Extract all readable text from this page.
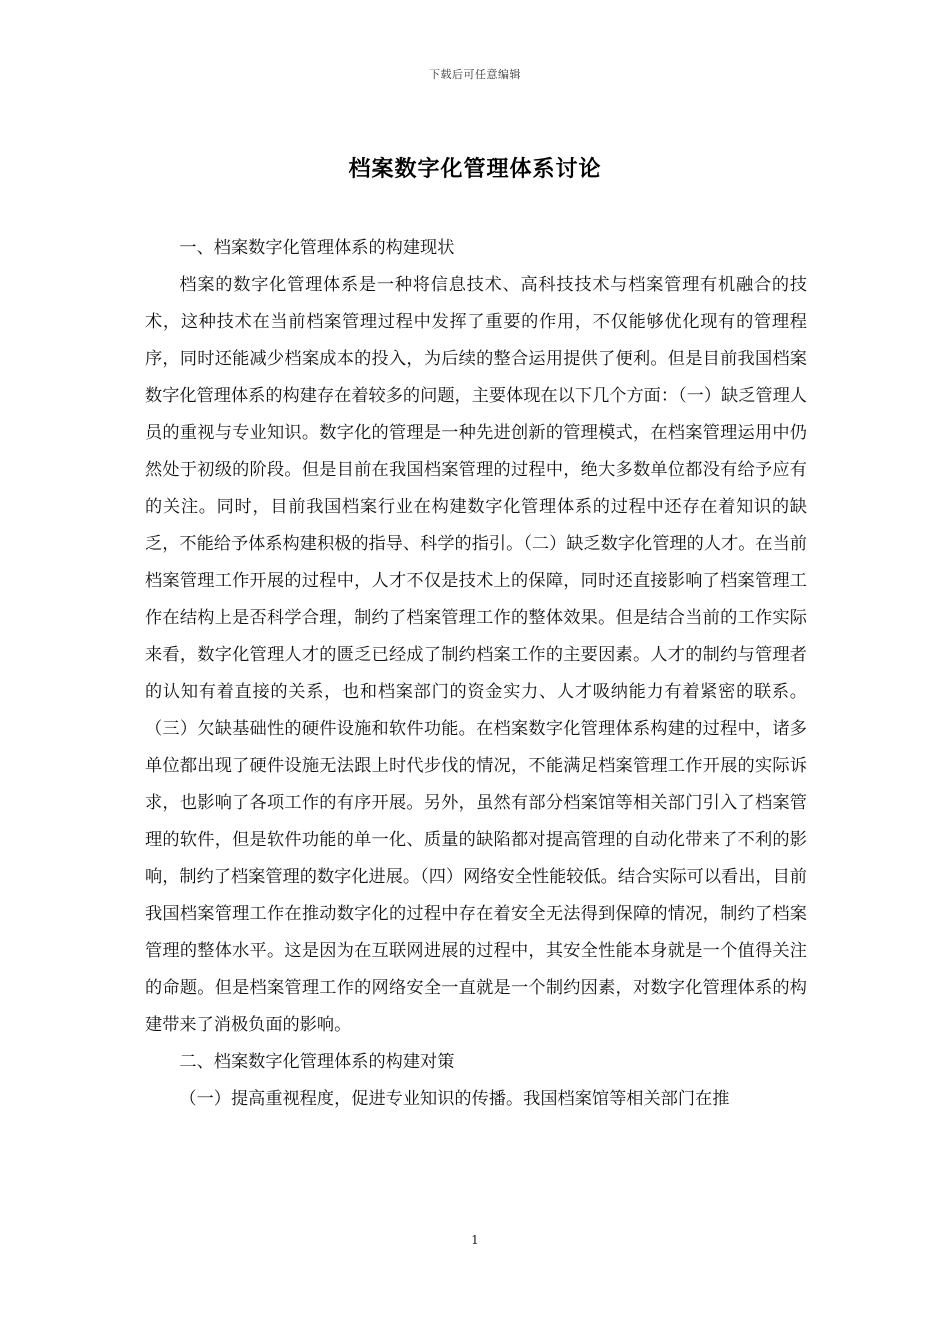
下载后可任意编辑
档案数字化管理体系讨论

一、档案数字化管理体系的构建现状

档案的数字化管理体系是一种将信息技术、高科技技术与档案管理有机融合的技术，这种技术在当前档案管理过程中发挥了重要的作用，不仅能够优化现有的管理程序，同时还能减少档案成本的投入，为后续的整合运用提供了便利。但是目前我国档案数字化管理体系的构建存在着较多的问题，主要体现在以下几个方面：（一）缺乏管理人员的重视与专业知识。数字化的管理是一种先进创新的管理模式，在档案管理运用中仍然处于初级的阶段。但是目前在我国档案管理的过程中，绝大多数单位都没有给予应有的关注。同时，目前我国档案行业在构建数字化管理体系的过程中还存在着知识的缺乏，不能给予体系构建积极的指导、科学的指引。（二）缺乏数字化管理的人才。在当前档案管理工作开展的过程中，人才不仅是技术上的保障，同时还直接影响了档案管理工作在结构上是否科学合理，制约了档案管理工作的整体效果。但是结合当前的工作实际来看，数字化管理人才的匮乏已经成了制约档案工作的主要因素。人才的制约与管理者的认知有着直接的关系，也和档案部门的资金实力、人才吸纳能力有着紧密的联系。（三）欠缺基础性的硬件设施和软件功能。在档案数字化管理体系构建的过程中，诸多单位都出现了硬件设施无法跟上时代步伐的情况，不能满足档案管理工作开展的实际诉求，也影响了各项工作的有序开展。另外，虽然有部分档案馆等相关部门引入了档案管理的软件，但是软件功能的单一化、质量的缺陷都对提高管理的自动化带来了不利的影响，制约了档案管理的数字化进展。（四）网络安全性能较低。结合实际可以看出，目前我国档案管理工作在推动数字化的过程中存在着安全无法得到保障的情况，制约了档案管理的整体水平。这是因为在互联网进展的过程中，其安全性能本身就是一个值得关注的命题。但是档案管理工作的网络安全一直就是一个制约因素，对数字化管理体系的构建带来了消极负面的影响。

二、档案数字化管理体系的构建对策

（一）提高重视程度，促进专业知识的传播。我国档案馆等相关部门在推

1
